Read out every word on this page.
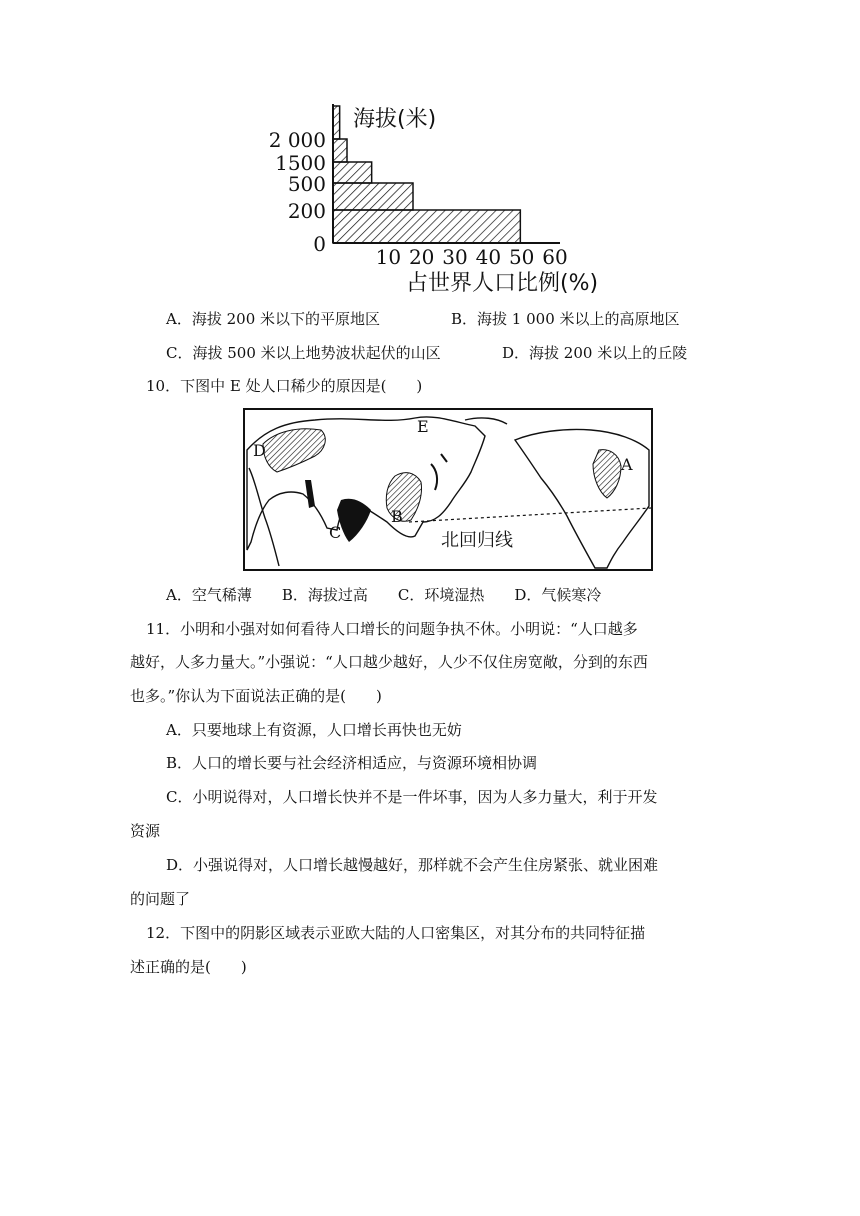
0
200
500
1500
2 000
10 20 30 40 50 60
海拔(米)
占世界人口比例(%)
A．海拔 200 米以下的平原地区	B．海拔 1 000 米以上的高原地区
C．海拔 500 米以上地势波状起伏的山区	D．海拔 200 米以上的丘陵
10．下图中 E 处人口稀少的原因是(　　)
E
D
A
B
C	北回归线
A．空气稀薄　　B．海拔过高　　C．环境湿热　　D．气候寒冷
11．小明和小强对如何看待人口增长的问题争执不休。小明说：“人口越多
越好，人多力量大。”小强说：“人口越少越好，人少不仅住房宽敞，分到的东西
也多。”你认为下面说法正确的是(　　)
A．只要地球上有资源，人口增长再快也无妨
B．人口的增长要与社会经济相适应，与资源环境相协调
C．小明说得对，人口增长快并不是一件坏事，因为人多力量大，利于开发
资源
D．小强说得对，人口增长越慢越好，那样就不会产生住房紧张、就业困难
的问题了
12．下图中的阴影区域表示亚欧大陆的人口密集区，对其分布的共同特征描
述正确的是(　　)
